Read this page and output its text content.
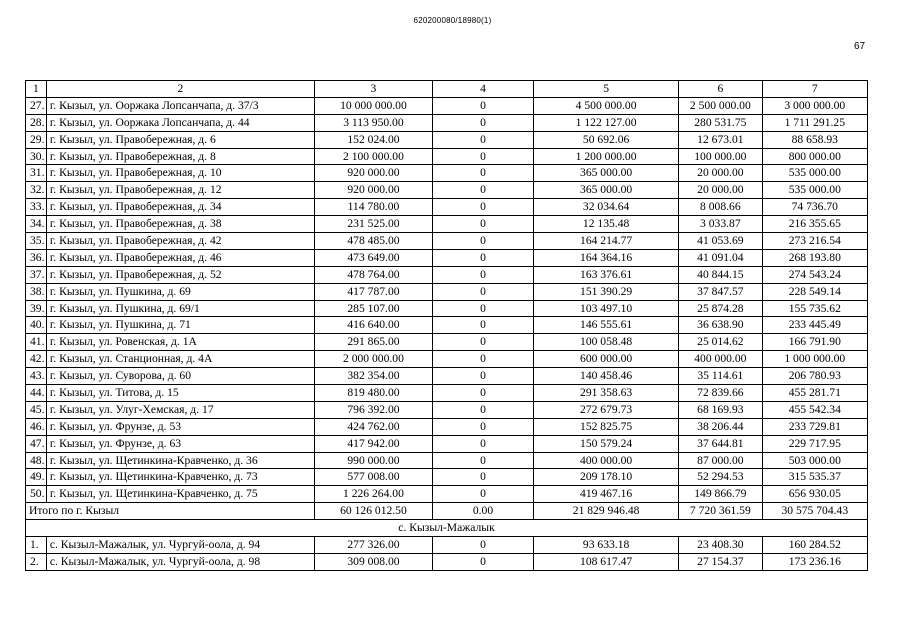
620200080/18980(1)
67
1	2	3	4	5	6	7
27.	г. Кызыл, ул. Ооржака Лопсанчапа, д. 37/3	10 000 000.00	0	4 500 000.00	2 500 000.00	3 000 000.00
28.	г. Кызыл, ул. Ооржака Лопсанчапа, д. 44	3 113 950.00	0	1 122 127.00	280 531.75	1 711 291.25
29.	г. Кызыл, ул. Правобережная, д. 6	152 024.00	0	50 692.06	12 673.01	88 658.93
30.	г. Кызыл, ул. Правобережная, д. 8	2 100 000.00	0	1 200 000.00	100 000.00	800 000.00
31.	г. Кызыл, ул. Правобережная, д. 10	920 000.00	0	365 000.00	20 000.00	535 000.00
32.	г. Кызыл, ул. Правобережная, д. 12	920 000.00	0	365 000.00	20 000.00	535 000.00
33.	г. Кызыл, ул. Правобережная, д. 34	114 780.00	0	32 034.64	8 008.66	74 736.70
34.	г. Кызыл, ул. Правобережная, д. 38	231 525.00	0	12 135.48	3 033.87	216 355.65
35.	г. Кызыл, ул. Правобережная, д. 42	478 485.00	0	164 214.77	41 053.69	273 216.54
36.	г. Кызыл, ул. Правобережная, д. 46	473 649.00	0	164 364.16	41 091.04	268 193.80
37.	г. Кызыл, ул. Правобережная, д. 52	478 764.00	0	163 376.61	40 844.15	274 543.24
38.	г. Кызыл, ул. Пушкина, д. 69	417 787.00	0	151 390.29	37 847.57	228 549.14
39.	г. Кызыл, ул. Пушкина, д. 69/1	285 107.00	0	103 497.10	25 874.28	155 735.62
40.	г. Кызыл, ул. Пушкина, д. 71	416 640.00	0	146 555.61	36 638.90	233 445.49
41.	г. Кызыл, ул. Ровенская, д. 1А	291 865.00	0	100 058.48	25 014.62	166 791.90
42.	г. Кызыл, ул. Станционная, д. 4А	2 000 000.00	0	600 000.00	400 000.00	1 000 000.00
43.	г. Кызыл, ул. Суворова, д. 60	382 354.00	0	140 458.46	35 114.61	206 780.93
44.	г. Кызыл, ул. Титова, д. 15	819 480.00	0	291 358.63	72 839.66	455 281.71
45.	г. Кызыл, ул. Улуг-Хемская, д. 17	796 392.00	0	272 679.73	68 169.93	455 542.34
46.	г. Кызыл, ул. Фрунзе, д. 53	424 762.00	0	152 825.75	38 206.44	233 729.81
47.	г. Кызыл, ул. Фрунзе, д. 63	417 942.00	0	150 579.24	37 644.81	229 717.95
48.	г. Кызыл, ул. Щетинкина-Кравченко, д. 36	990 000.00	0	400 000.00	87 000.00	503 000.00
49.	г. Кызыл, ул. Щетинкина-Кравченко, д. 73	577 008.00	0	209 178.10	52 294.53	315 535.37
50.	г. Кызыл, ул. Щетинкина-Кравченко, д. 75	1 226 264.00	0	419 467.16	149 866.79	656 930.05
Итого по г. Кызыл		60 126 012.50	0.00	21 829 946.48	7 720 361.59	30 575 704.43
с. Кызыл-Мажалык						
1.	с. Кызыл-Мажалык, ул. Чургуй-оола, д. 94	277 326.00	0	93 633.18	23 408.30	160 284.52
2.	с. Кызыл-Мажалык, ул. Чургуй-оола, д. 98	309 008.00	0	108 617.47	27 154.37	173 236.16
